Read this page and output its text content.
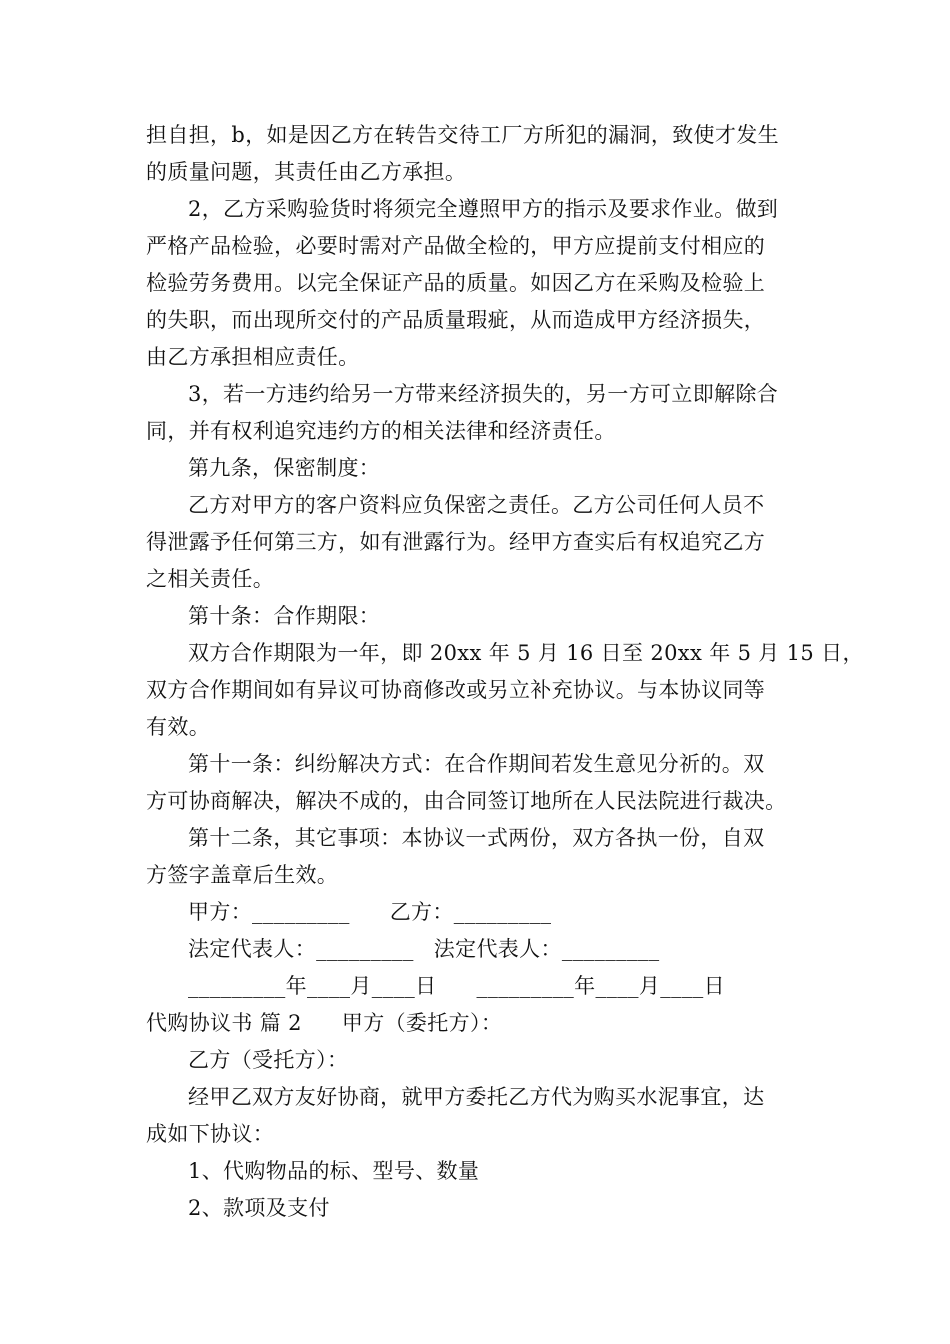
担自担，b，如是因乙方在转告交待工厂方所犯的漏洞，致使才发生
的质量问题，其责任由乙方承担。
2，乙方采购验货时将须完全遵照甲方的指示及要求作业。做到
严格产品检验，必要时需对产品做全检的，甲方应提前支付相应的
检验劳务费用。以完全保证产品的质量。如因乙方在采购及检验上
的失职，而出现所交付的产品质量瑕疵，从而造成甲方经济损失，
由乙方承担相应责任。
3，若一方违约给另一方带来经济损失的，另一方可立即解除合
同，并有权利追究违约方的相关法律和经济责任。
第九条，保密制度：
乙方对甲方的客户资料应负保密之责任。乙方公司任何人员不
得泄露予任何第三方，如有泄露行为。经甲方查实后有权追究乙方
之相关责任。
第十条：合作期限：
双方合作期限为一年，即 20xx 年 5 月 16 日至 20xx 年 5 月 15 日，
双方合作期间如有异议可协商修改或另立补充协议。与本协议同等
有效。
第十一条：纠纷解决方式：在合作期间若发生意见分祈的。双
方可协商解决，解决不成的，由合同签订地所在人民法院进行裁决。
第十二条，其它事项：本协议一式两份，双方各执一份，自双
方签字盖章后生效。
甲方：_________ 乙方：_________
法定代表人：_________ 法定代表人：_________
_________年____月____日 _________年____月____日
代购协议书 篇 2 甲方（委托方）：
乙方（受托方）：
经甲乙双方友好协商，就甲方委托乙方代为购买水泥事宜，达
成如下协议：
1、代购物品的标、型号、数量
2、款项及支付
